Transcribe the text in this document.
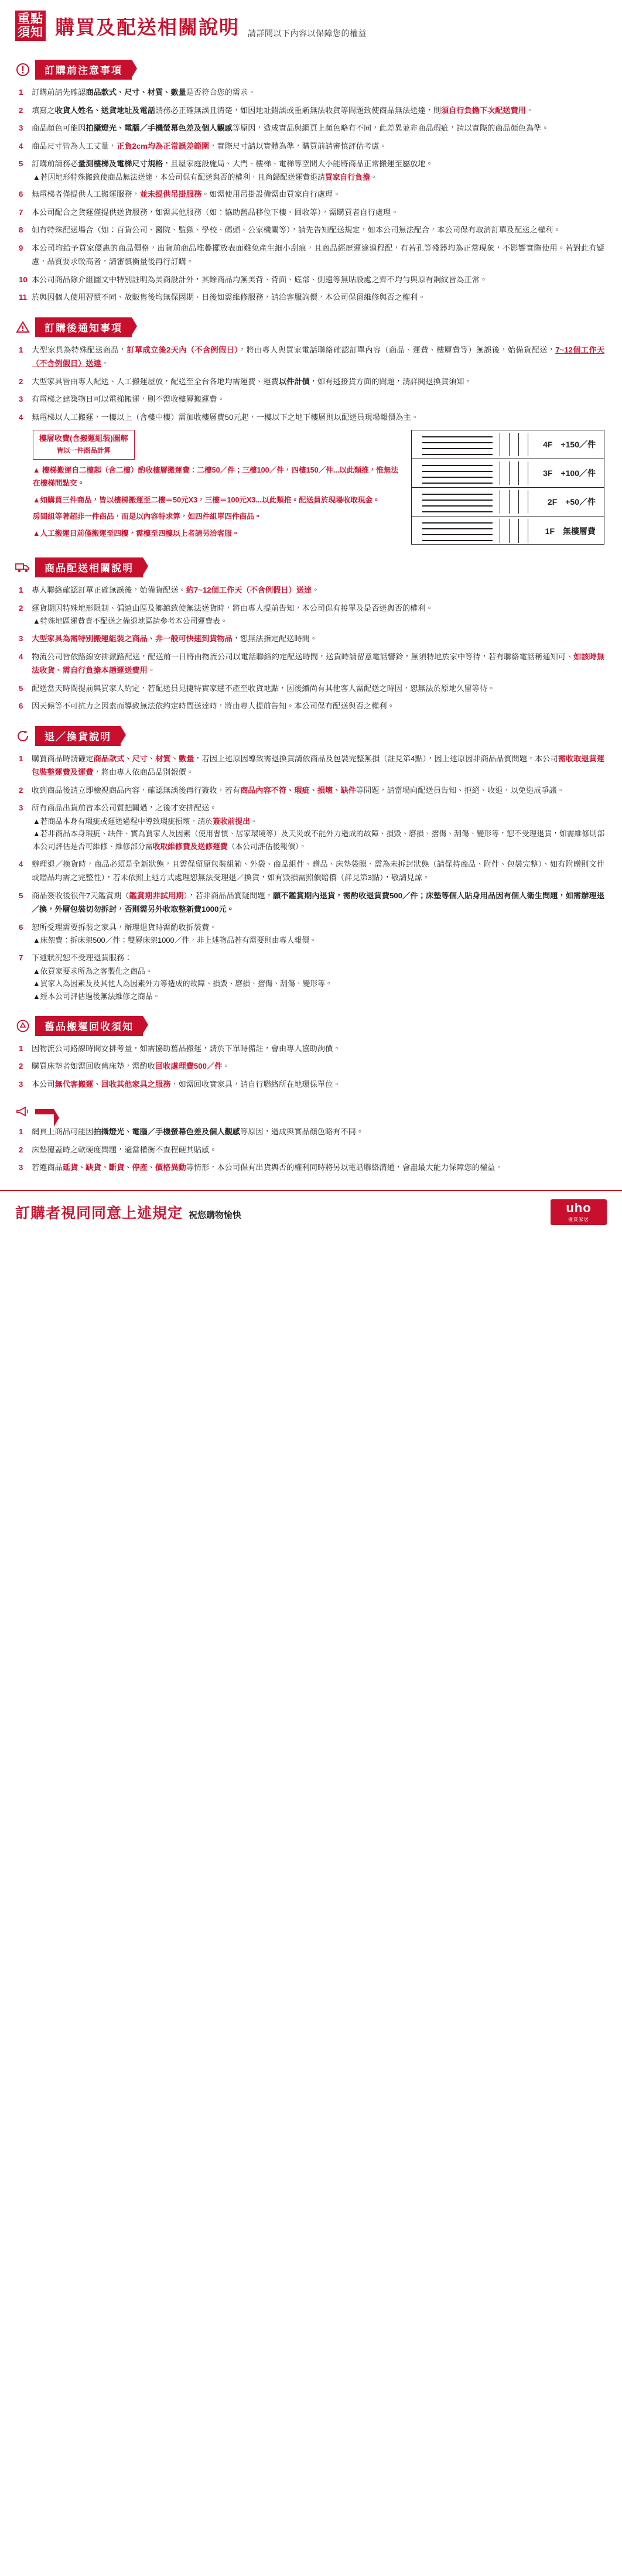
重點
須知 購買及配送相關說明 請詳閱以下內容以保障您的權益
訂購前注意事項
1	訂購前請先確認商品款式、尺寸、材質、數量是否符合您的需求。
2	填寫之收貨人姓名、送貨地址及電話請務必正確無誤且清楚，如因地址錯誤或重新無法收貨等問題致使商品無法送達，則須自行負擔下次配送費用。
3	商品顏色可能因拍攝燈光、電腦／手機螢幕色差及個人觀感等原因，造成實品與網頁上顏色略有不同，此差異並非商品瑕疵，請以實際的商品顏色為準。
4	商品尺寸皆為人工丈量，正負2cm均為正常誤差範圍，實際尺寸請以實體為準，購買前請審慎評估考慮。
5	訂購前請務必量測樓梯及電梯尺寸規格，且屋家庭設施局、大門、樓梯、電梯等空間大小能將商品正常搬運至屬放地。
▲若因地形特殊搬致使商品無法送達，本公司保有配送與否的權利，且尚歸配送運費退請買家自行負擔。
6	無電梯者僅提供人工搬運服務，並未提供吊掛服務。如需使用吊掛設備需由買家自行處理。
7	本公司配合之貨運僅提供送貨服務，如需其他服務（如：協助舊品移位下樓、回收等），需購買者自行處理。
8	如有特殊配送場合（如：百貨公司、醫院、監獄、學校、碼頭、公家機關等），請先告知配送規定，如本公司無法配合，本公司保有取消訂單及配送之權利。
9	本公司均給予買家優惠的商品價格，出貨前商品堆疊擺放表面難免產生細小刮痕，且商品經歷運途過程配，有若孔等殘器均為正常現象，不影響實際使用。若對此有疑慮，品質要求較高者，請審慎衡量後再行訂購。
10 本公司商品除介組圖文中特別註明為美商設計外，其餘商品均無美背、背面、底部、側邊等無貼設處之齊不均勻與原有鋼紋皆為正常。
11 於與因個人使用習慣不同、故販售後均無保固期、日後如需維修服務，請洽客服詢價，本公司保留維修與否之權利。
訂購後通知事項
1	大型家具為特殊配送商品，訂單成立後2天內（不含例假日），將由專人與買家電話聯絡確認訂單內容（商品、運費、樓層費等）無誤後，始備貨配送，7~12個工作天（不含例假日）送達。
2	大型家具皆由專人配送、人工搬運屋放，配送至全台各地均需運費、運費以件計價，如有逃接貨方面的問題，請詳閱退換貨須知。
3	有電梯之建築物日可以電梯搬運，則不需收樓層搬運費。
4	無電梯以人工搬運，一樓以上（含樓中樓）需加收樓層費50元起，一樓以下之地下樓層則以配送員現場報價為主。
樓層收費(含搬運組裝)圖解
皆以一件商品計算

▲ 樓梯搬運自二樓起（含二樓）酌收樓層搬運費：二樓50／件；三樓100／件，四樓150／件...以此類推，惟無法在樓梯間點交。

▲如購買三件商品，皆以樓梯搬運至二樓＝50元X3，三樓＝100元X3...以此類推。配送員於現場收取現金。

房間組等著超非一件商品，而是以內容特求算，如四件組單四件商品。

▲人工搬運日前僅搬運至四樓，需樓至四樓以上者請另洽客服。

4F +150／件
3F +100／件
2F +50／件
1F 無樓層費
商品配送相關說明
1	專人聯絡確認訂單正確無誤後，始備貨配送。約7~12個工作天（不含例假日）送達。
2	運貨期因特殊地形限制、偏遠山區及鄉鎮致使無法送貨時，將由專人提前告知，本公司保有接單及是否送與否的權利。
▲特殊地區運費責不配送之備退地區請參考本公司運費表。
3	大型家具為需特別搬運組裝之商品、非一般可快速到貨物品，恕無法指定配送時間。
4	物流公司皆依路線安排派路配送，配送前一日將由物流公司以電話聯絡約定配送時間，送貨時請留意電話響鈴，無須特地於家中等待，若有聯絡電話稱通知可、如該時無法收貨、需自行負擔本趟運送費用。
5	配送當天時間提前與買家人約定，若配送員見捷特實家選不產至收貨地點，因後續尚有其他客人需配送之時因，恕無法於原地久留等待。
6	因天候等不可抗力之因素而導致無法依約定時間送達時，將由專人提前告知。本公司保有配送與否之權利。
退／換貨說明
1	購買商品時請確定商品款式、尺寸、材質、數量，若因上述原因導致需退換貨請依商品及包裝完整無損（註見第4點），因上述原因非商品品質問題，本公司需收取退貨運包裝整運費及運費，將由專人依商品品別報價。
2	收到商品後請立即檢視商品內容，確認無誤後再行簽收，若有商品內容不符、瑕疵、損壞、缺件等問題，請當場向配送員告知、拒絕、收退、以免造成爭議。
3	所有商品出貨前皆本公司質把關過，之後才安排配送。
▲若商品本身有瑕疵或運送過程中導致瑕疵損壞，請於簽收前提出。
▲若非商品本身瑕疵、缺件、實為買家人及因素（使用習慣、居家環境等）及天災或不能外力造成的故障、損毀、磨損、摺傷、刮傷、變形等，恕不受理退貨，如需維修則部本公司評估是否可維修、維修部分需收取維修費及送修運費（本公司評估後報價）。
4	辦理退／換貨時，商品必須是全新狀態，且需保留原包裝組箱、外袋、商品組件、贈品、床墊袋膜、需為未拆封狀態（請保持商品、附件、包裝完整）、如有附贈則文件或贈品均需之完整性），若未依照上述方式處理恕無法受理退／換貨，如有毀損需照價賠償（詳見第3點），敬請見諒。
5	商品簽收後很件7天鑑賞期（鑑賞期非試用期），若非商品品質疑問題，願不鑑賞期內退貨，需酌收退貨費500／件；床墊等個人貼身用品因有個人衛生問題，如需辦理退／換，外層包裝切勿拆封，否則需另外收取整新費1000元。
6	恕所受理需要拆裝之家具，辦理退貨時需酌收拆裝費。
▲床架費：拆床架500／件；雙層床架1000／件，非上述物品若有需要則由專人報價。
7	下述狀況恕不受理退貨服務：
▲依買家要求所為之客製化之商品。
▲買家人為因素及及其他人為因素外力等造成的故障、損毀、磨損、摺傷、刮傷、變形等。
▲經本公司評估過後無法維修之商品。
舊品搬運回收須知
1	因物流公司路線時間安排考量，如需協助舊品搬運，請於下單時備註，會由專人協助詢價。
2	購買床墊者如需回收舊床墊，需酌收回收處理費500／件。
3	本公司無代客搬運、回收其他家具之服務，如需回收實家具，請自行聯絡所在地環保單位。
1	網頁上商品可能因拍攝燈光、電腦／手機螢幕色差及個人觀感等原因，造成與實品顏色略有不同。
2	床墊覆蓋時之軟硬度問題，適當權衡不查程硬其貼感。
3	若遵商品延貨、缺貨、斷貨、停產、價格異動等情形，本公司保有出貨與否的權利同時將另以電話聯絡溝通，會盡最大能力保障您的權益。
訂購者視同同意上述規定 祝您購物愉快
uho
優質家居
